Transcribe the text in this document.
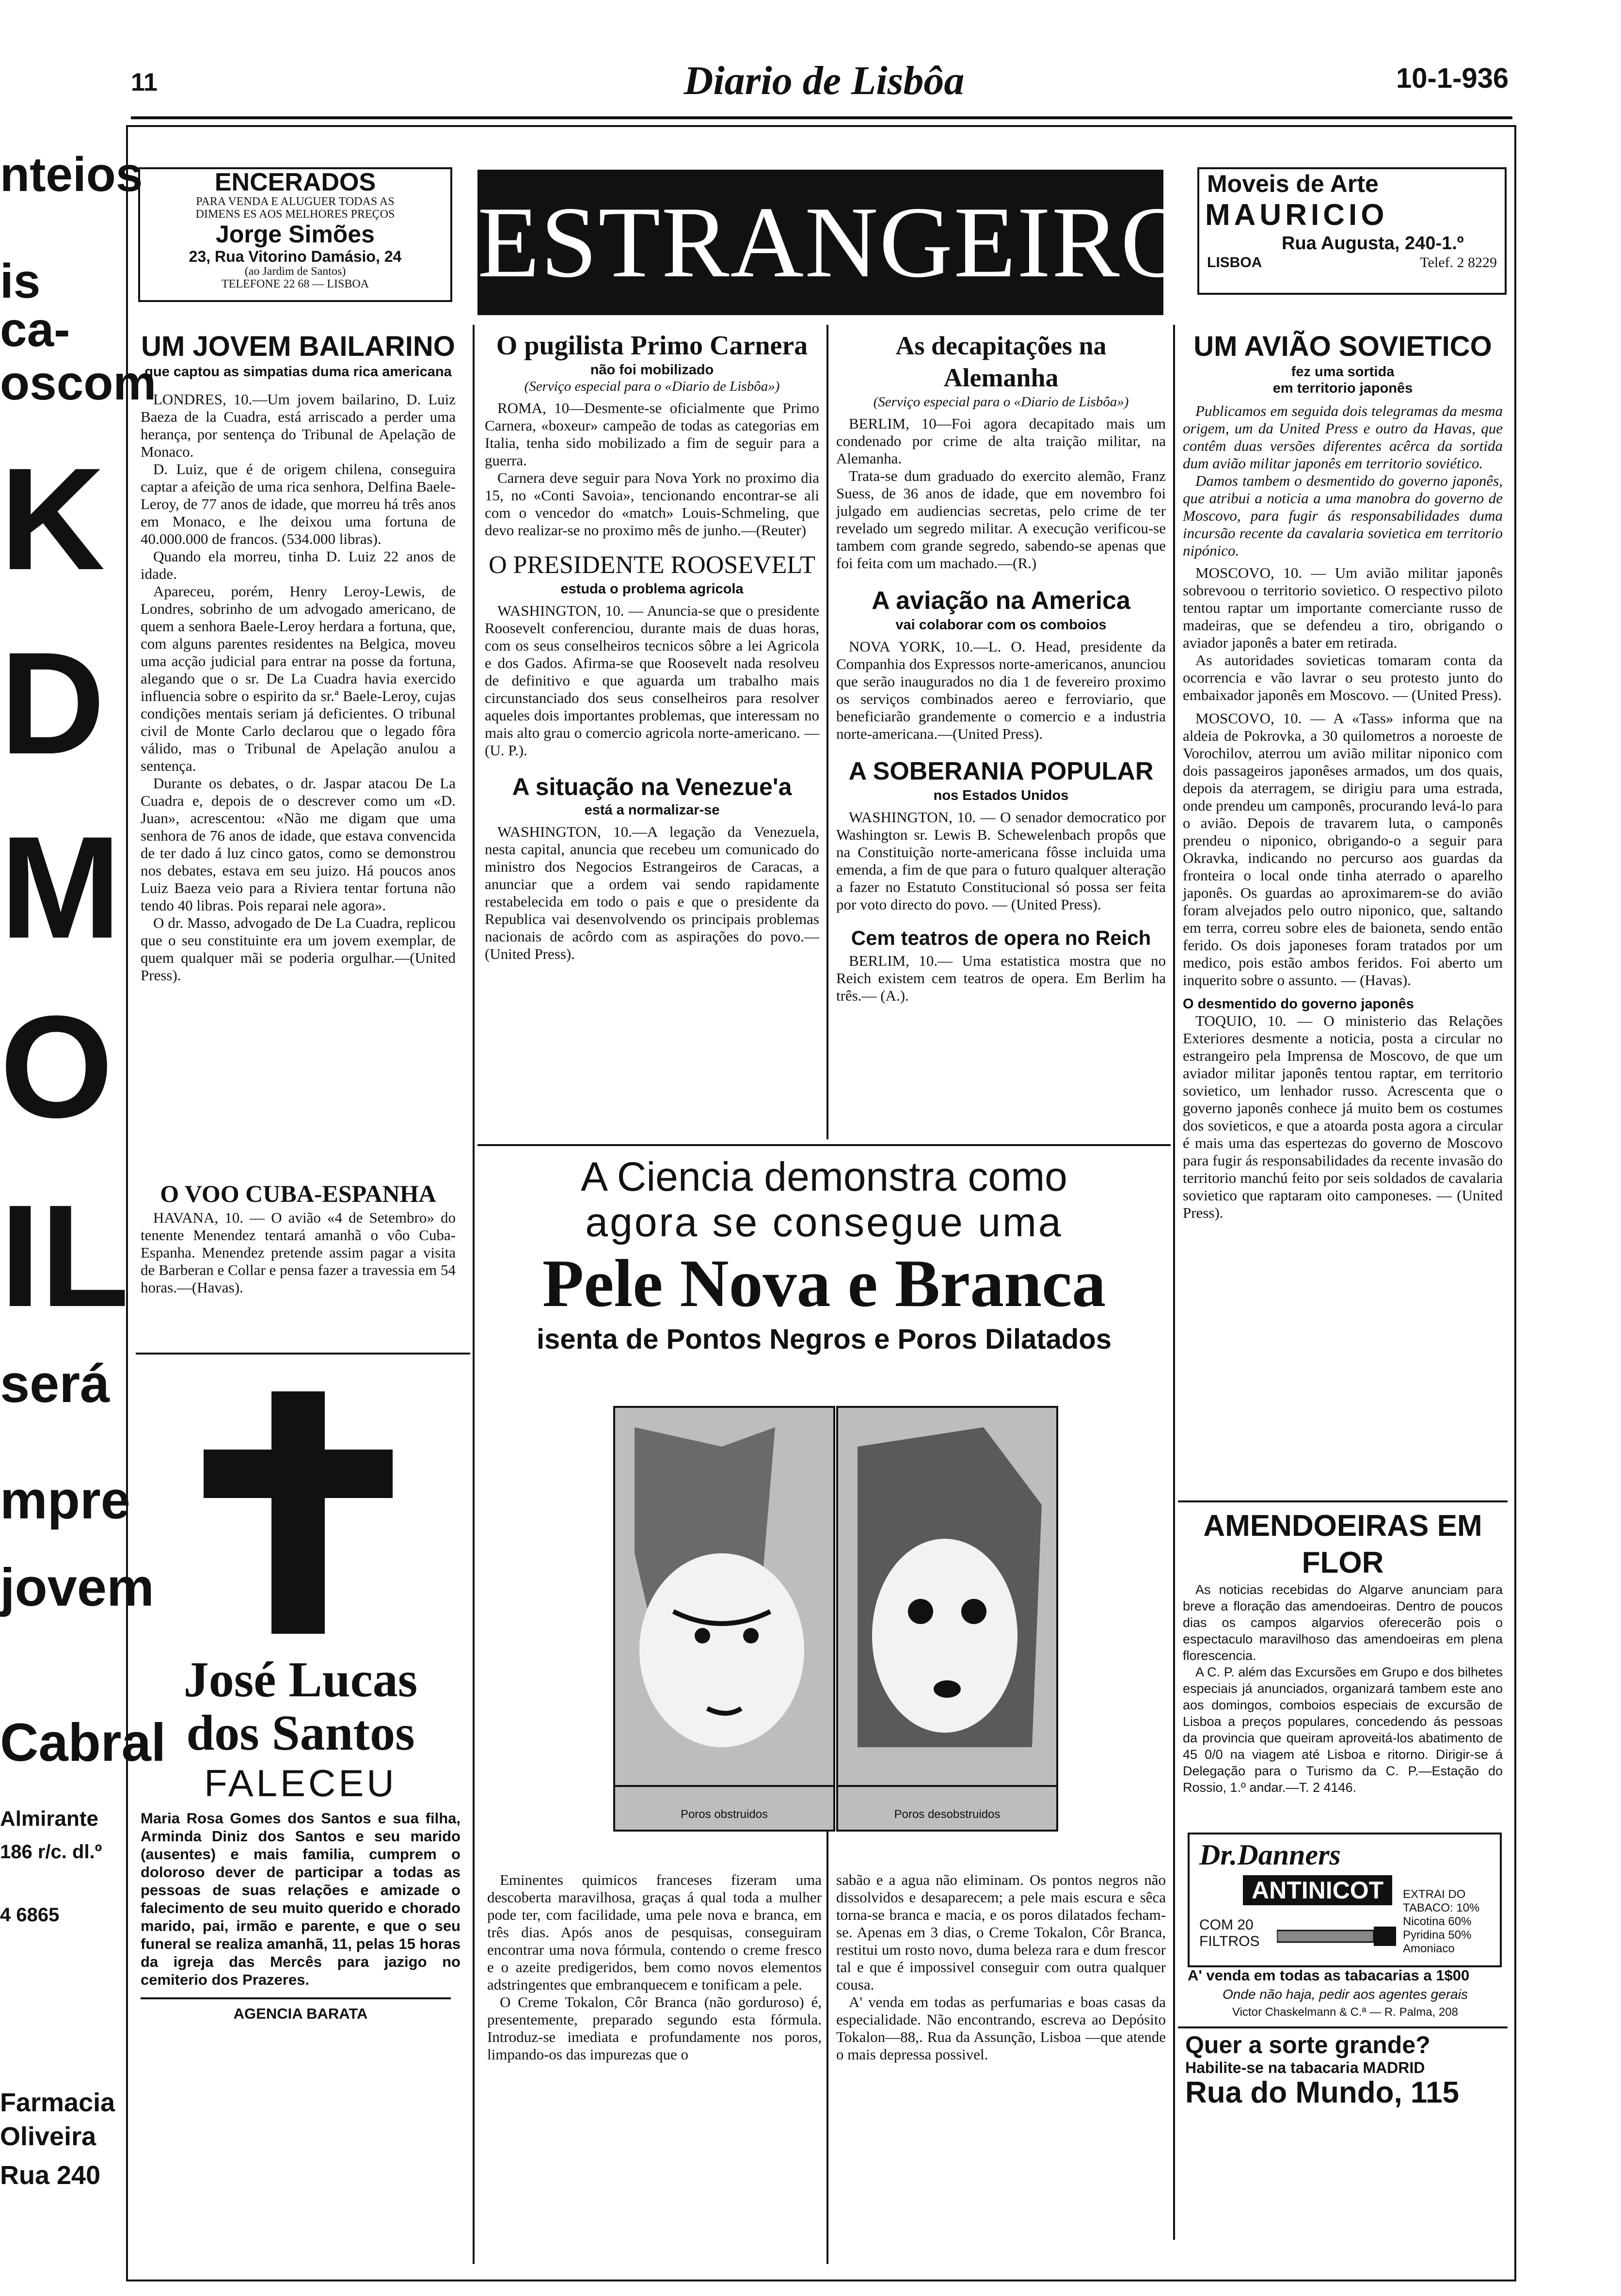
11	Diario de Lisbôa	10-1-936
nteios
is ca-
oscom
K
D
M
O
IL
será
mpre
jovem
Cabral
Almirante
186 r/c. dl.º
4 6865
Farmacia
Oliveira
Rua 240
ENCERADOS
PARA VENDA E ALUGUER TODAS AS
DIMENS ES AOS MELHORES PREÇOS
Jorge Simões
23, Rua Vitorino Damásio, 24
(ao Jardim de Santos)
TELEFONE 22 68 — LISBOA	ESTRANGEIRO
Moveis de Arte
MAURICIO
Rua Augusta, 240-1.º
LISBOA	Telef. 2 8229
UM JOVEM BAILARINO
que captou as simpatias duma rica americana

LONDRES, 10.—Um jovem bailarino, D. Luiz Baeza de la Cuadra, está arriscado a perder uma herança, por sentença do Tribunal de Apelação de Monaco.

D. Luiz, que é de origem chilena, conseguira captar a afeição de uma rica senhora, Delfina Baele-Leroy, de 77 anos de idade, que morreu há três anos em Monaco, e lhe deixou uma fortuna de 40.000.000 de francos. (534.000 libras).

Quando ela morreu, tinha D. Luiz 22 anos de idade.

Apareceu, porém, Henry Leroy-Lewis, de Londres, sobrinho de um advogado americano, de quem a senhora Baele-Leroy herdara a fortuna, que, com alguns parentes residentes na Belgica, moveu uma acção judicial para entrar na posse da fortuna, alegando que o sr. De La Cuadra havia exercido influencia sobre o espirito da sr.ª Baele-Leroy, cujas condições mentais seriam já deficientes. O tribunal civil de Monte Carlo declarou que o legado fôra válido, mas o Tribunal de Apelação anulou a sentença.

Durante os debates, o dr. Jaspar atacou De La Cuadra e, depois de o descrever como um «D. Juan», acrescentou: «Não me digam que uma senhora de 76 anos de idade, que estava convencida de ter dado á luz cinco gatos, como se demonstrou nos debates, estava em seu juizo. Há poucos anos Luiz Baeza veio para a Riviera tentar fortuna não tendo 40 libras. Pois reparai nele agora».

O dr. Masso, advogado de De La Cuadra, replicou que o seu constituinte era um jovem exemplar, de quem qualquer mãi se poderia orgulhar.—(United Press).

O VOO CUBA-ESPANHA

HAVANA, 10. — O avião «4 de Setembro» do tenente Menendez tentará amanhã o vôo Cuba-Espanha. Menendez pretende assim pagar a visita de Barberan e Collar e pensa fazer a travessia em 54 horas.—(Havas).

José Lucas
dos Santos
FALECEU
Maria Rosa Gomes dos Santos e sua filha, Arminda Diniz dos Santos e seu marido (ausentes) e mais familia, cumprem o doloroso dever de participar a todas as pessoas de suas relações e amizade o falecimento de seu muito querido e chorado marido, pai, irmão e parente, e que o seu funeral se realiza amanhã, 11, pelas 15 horas da igreja das Mercês para jazigo no cemiterio dos Prazeres.
AGENCIA BARATA
O pugilista Primo Carnera
não foi mobilizado
(Serviço especial para o «Diario de Lisbôa»)

ROMA, 10—Desmente-se oficialmente que Primo Carnera, «boxeur» campeão de todas as categorias em Italia, tenha sido mobilizado a fim de seguir para a guerra.

Carnera deve seguir para Nova York no proximo dia 15, no «Conti Savoia», tencionando encontrar-se ali com o vencedor do «match» Louis-Schmeling, que devo realizar-se no proximo mês de junho.—(Reuter)

O PRESIDENTE ROOSEVELT
estuda o problema agricola

WASHINGTON, 10. — Anuncia-se que o presidente Roosevelt conferenciou, durante mais de duas horas, com os seus conselheiros tecnicos sôbre a lei Agricola e dos Gados. Afirma-se que Roosevelt nada resolveu de definitivo e que aguarda um trabalho mais circunstanciado dos seus conselheiros para resolver aqueles dois importantes problemas, que interessam no mais alto grau o comercio agricola norte-americano. — (U. P.).

A situação na Venezue'a
está a normalizar-se

WASHINGTON, 10.—A legação da Venezuela, nesta capital, anuncia que recebeu um comunicado do ministro dos Negocios Estrangeiros de Caracas, a anunciar que a ordem vai sendo rapidamente restabelecida em todo o pais e que o presidente da Republica vai desenvolvendo os principais problemas nacionais de acôrdo com as aspirações do povo.—(United Press).

As decapitações na Alemanha
(Serviço especial para o «Diario de Lisbôa»)

BERLIM, 10—Foi agora decapitado mais um condenado por crime de alta traição militar, na Alemanha.

Trata-se dum graduado do exercito alemão, Franz Suess, de 36 anos de idade, que em novembro foi julgado em audiencias secretas, pelo crime de ter revelado um segredo militar. A execução verificou-se tambem com grande segredo, sabendo-se apenas que foi feita com um machado.—(R.)

A aviação na America
vai colaborar com os comboios

NOVA YORK, 10.—L. O. Head, presidente da Companhia dos Expressos norte-americanos, anunciou que serão inaugurados no dia 1 de fevereiro proximo os serviços combinados aereo e ferroviario, que beneficiarão grandemente o comercio e a industria norte-americana.—(United Press).

A SOBERANIA POPULAR
nos Estados Unidos

WASHINGTON, 10. — O senador democratico por Washington sr. Lewis B. Schewelenbach propôs que na Constituição norte-americana fôsse incluida uma emenda, a fim de que para o futuro qualquer alteração a fazer no Estatuto Constitucional só possa ser feita por voto directo do povo. — (United Press).

Cem teatros de opera no Reich

BERLIM, 10.— Uma estatistica mostra que no Reich existem cem teatros de opera. Em Berlim ha três.— (A.).

A Ciencia demonstra como
agora se consegue uma
Pele Nova e Branca
isenta de Pontos Negros e Poros Dilatados
Poros obstruidos	Poros desobstruidos

Eminentes quimicos franceses fizeram uma descoberta maravilhosa, graças á qual toda a mulher pode ter, com facilidade, uma pele nova e branca, em três dias. Após anos de pesquisas, conseguiram encontrar uma nova fórmula, contendo o creme fresco e o azeite predigeridos, bem como novos elementos adstringentes que embranquecem e tonificam a pele.

O Creme Tokalon, Côr Branca (não gorduroso) é, presentemente, preparado segundo esta fórmula. Introduz-se imediata e profundamente nos poros, limpando-os das impurezas que o

sabão e a agua não eliminam. Os pontos negros não dissolvidos e desaparecem; a pele mais escura e sêca torna-se branca e macia, e os poros dilatados fecham-se. Apenas em 3 dias, o Creme Tokalon, Côr Branca, restitui um rosto novo, duma beleza rara e dum frescor tal e que é impossivel conseguir com outra qualquer cousa.

A' venda em todas as perfumarias e boas casas da especialidade. Não encontrando, escreva ao Depósito Tokalon—88,. Rua da Assunção, Lisboa —que atende o mais depressa possivel.

UM AVIÃO SOVIETICO
fez uma sortida
em territorio japonês

Publicamos em seguida dois telegramas da mesma origem, um da United Press e outro da Havas, que contêm duas versões diferentes acêrca da sortida dum avião militar japonês em territorio soviético.

Damos tambem o desmentido do governo japonês, que atribui a noticia a uma manobra do governo de Moscovo, para fugir ás responsabilidades duma incursão recente da cavalaria sovietica em territorio nipónico.

MOSCOVO, 10. — Um avião militar japonês sobrevoou o territorio sovietico. O respectivo piloto tentou raptar um importante comerciante russo de madeiras, que se defendeu a tiro, obrigando o aviador japonês a bater em retirada.

As autoridades sovieticas tomaram conta da ocorrencia e vão lavrar o seu protesto junto do embaixador japonês em Moscovo. — (United Press).

MOSCOVO, 10. — A «Tass» informa que na aldeia de Pokrovka, a 30 quilometros a noroeste de Vorochilov, aterrou um avião militar niponico com dois passageiros japonêses armados, um dos quais, depois da aterragem, se dirigiu para uma estrada, onde prendeu um camponês, procurando levá-lo para o avião. Depois de travarem luta, o camponês prendeu o niponico, obrigando-o a seguir para Okravka, indicando no percurso aos guardas da fronteira o local onde tinha aterrado o aparelho japonês. Os guardas ao aproximarem-se do avião foram alvejados pelo outro niponico, que, saltando em terra, correu sobre eles de baioneta, sendo então ferido. Os dois japoneses foram tratados por um medico, pois estão ambos feridos. Foi aberto um inquerito sobre o assunto. — (Havas).

O desmentido do governo japonês

TOQUIO, 10. — O ministerio das Relações Exteriores desmente a noticia, posta a circular no estrangeiro pela Imprensa de Moscovo, de que um aviador militar japonês tentou raptar, em territorio sovietico, um lenhador russo. Acrescenta que o governo japonês conhece já muito bem os costumes dos sovieticos, e que a atoarda posta agora a circular é mais uma das espertezas do governo de Moscovo para fugir ás responsabilidades da recente invasão do territorio manchú feito por seis soldados de cavalaria sovietico que raptaram oito camponeses. — (United Press).

AMENDOEIRAS EM FLOR

As noticias recebidas do Algarve anunciam para breve a floração das amendoeiras. Dentro de poucos dias os campos algarvios oferecerão pois o espectaculo maravilhoso das amendoeiras em plena florescencia.

A C. P. além das Excursões em Grupo e dos bilhetes especiais já anunciados, organizará tambem este ano aos domingos, comboios especiais de excursão de Lisboa a preços populares, concedendo ás pessoas da provincia que queiram aproveitá-los abatimento de 45 0/0 na viagem até Lisboa e ritorno. Dirigir-se á Delegação para o Turismo da C. P.—Estação do Rossio, 1.º andar.—T. 2 4146.

Dr.Danners
ANTINICOT
COM 20 FILTROS
EXTRAI DO TABACO: 10% Nicotina 60% Pyridina 50% Amoniaco
A' venda em todas as tabacarias a 1$00
Onde não haja, pedir aos agentes gerais
Victor Chaskelmann & C.ª — R. Palma, 208
Quer a sorte grande?
Habilite-se na tabacaria MADRID
Rua do Mundo, 115
